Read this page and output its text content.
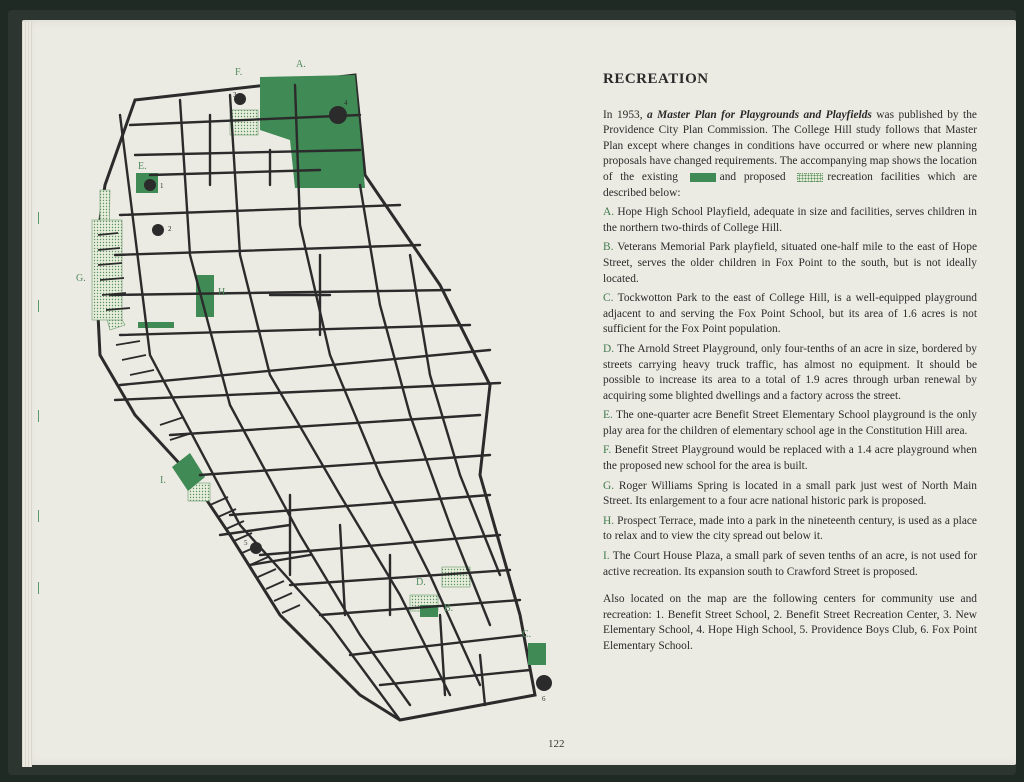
1
2
3
4
5
6
A.
B.
C.
D.
E.
F.
G.
H.
I.
RECREATION

In 1953, a Master Plan for Playgrounds and Playfields was published by the Providence City Plan Commission. The College Hill study follows that Master Plan except where changes in conditions have occurred or where new planning proposals have changed requirements. The accompanying map shows the location of the existing	and proposed	recreation facilities which are described below:

A. Hope High School Playfield, adequate in size and facilities, serves children in the northern two-thirds of College Hill.

B. Veterans Memorial Park playfield, situated one-half mile to the east of Hope Street, serves the older children in Fox Point to the south, but is not ideally located.

C. Tockwotton Park to the east of College Hill, is a well-equipped playground adjacent to and serving the Fox Point School, but its area of 1.6 acres is not sufficient for the Fox Point population.

D. The Arnold Street Playground, only four-tenths of an acre in size, bordered by streets carrying heavy truck traffic, has almost no equipment. It should be possible to increase its area to a total of 1.9 acres through urban renewal by acquiring some blighted dwellings and a factory across the street.

E. The one-quarter acre Benefit Street Elementary School playground is the only play area for the children of elementary school age in the Constitution Hill area.

F. Benefit Street Playground would be replaced with a 1.4 acre playground when the proposed new school for the area is built.

G. Roger Williams Spring is located in a small park just west of North Main Street. Its enlargement to a four acre national historic park is proposed.

H. Prospect Terrace, made into a park in the nineteenth century, is used as a place to relax and to view the city spread out below it.

I. The Court House Plaza, a small park of seven tenths of an acre, is not used for active recreation. Its expansion south to Crawford Street is proposed.

Also located on the map are the following centers for community use and recreation: 1. Benefit Street School, 2. Benefit Street Recreation Center, 3. New Elementary School, 4. Hope High School, 5. Providence Boys Club, 6. Fox Point Elementary School.

122
